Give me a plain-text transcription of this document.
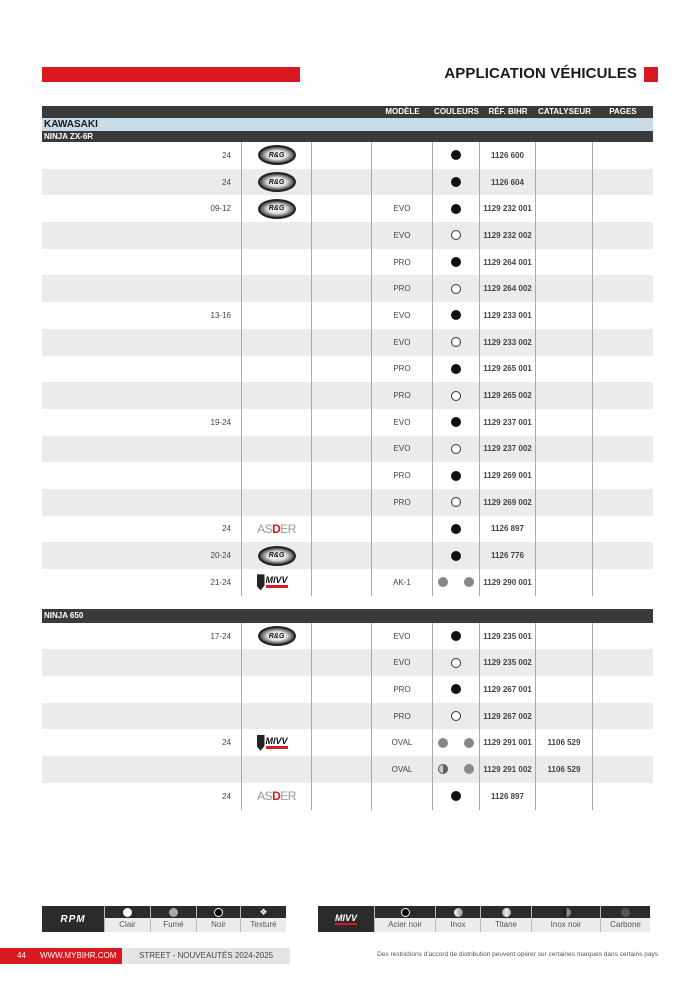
APPLICATION VÉHICULES
MODÈLE	COULEURS	RÉF. BIHR	CATALYSEUR	PAGES
KAWASAKI
NINJA ZX-6R
24	R&G	1126 600
24	R&G	1126 604
09-12	R&G	EVO	1129 232 001
EVO	1129 232 002
PRO	1129 264 001
PRO	1129 264 002
13-16	EVO	1129 233 001
EVO	1129 233 002
PRO	1129 265 001
PRO	1129 265 002
19-24	EVO	1129 237 001
EVO	1129 237 002
PRO	1129 269 001
PRO	1129 269 002
24	ASDER	1126 897
20-24	R&G	1126 776
21-24	MIVV	AK-1	1129 290 001
NINJA 650
17-24	R&G	EVO	1129 235 001
EVO	1129 235 002
PRO	1129 267 001
PRO	1129 267 002
24	MIVV	OVAL	1129 291 001	1106 529
OVAL	1129 291 002	1106 529
24	ASDER	1126 897
RPM	Clair	Fumé	Noir
❖
Texturé
MIVV
Acier noir	Inox	Titane	Inox noir	Carbone
44 WWW.MYBIHR.COM	STREET - NOUVEAUTÉS 2024-2025	Des restrictions d'accord de distribution peuvent opérer sur certaines marques dans certains pays
